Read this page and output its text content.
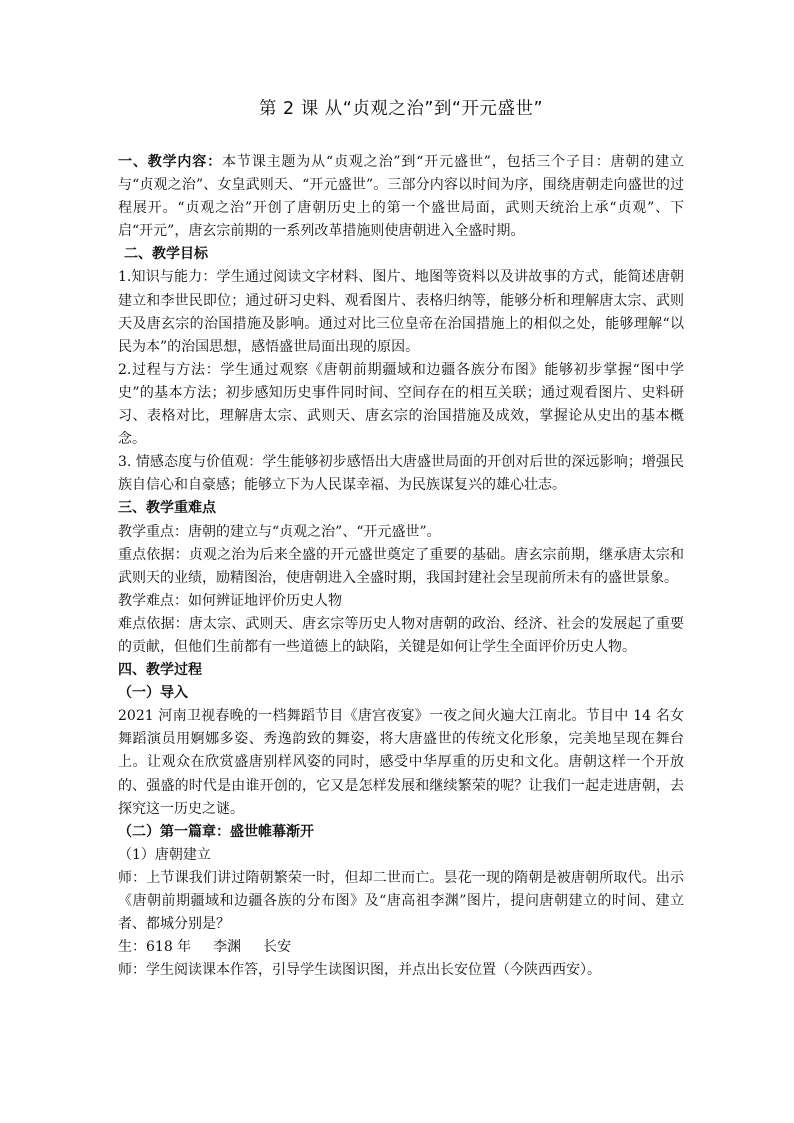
第 2 课 从“贞观之治”到“开元盛世”

一、教学内容：本节课主题为从“贞观之治”到“开元盛世”，包括三个子目：唐朝的建立与“贞观之治”、女皇武则天、“开元盛世”。三部分内容以时间为序，围绕唐朝走向盛世的过程展开。“贞观之治”开创了唐朝历史上的第一个盛世局面，武则天统治上承“贞观”、下启“开元”，唐玄宗前期的一系列改革措施则使唐朝进入全盛时期。

二、教学目标

1.知识与能力：学生通过阅读文字材料、图片、地图等资料以及讲故事的方式，能简述唐朝建立和李世民即位；通过研习史料、观看图片、表格归纳等，能够分析和理解唐太宗、武则天及唐玄宗的治国措施及影响。通过对比三位皇帝在治国措施上的相似之处，能够理解“以民为本”的治国思想，感悟盛世局面出现的原因。

2.过程与方法：学生通过观察《唐朝前期疆域和边疆各族分布图》能够初步掌握“图中学史”的基本方法；初步感知历史事件同时间、空间存在的相互关联；通过观看图片、史料研习、表格对比，理解唐太宗、武则天、唐玄宗的治国措施及成效，掌握论从史出的基本概念。

3. 情感态度与价值观：学生能够初步感悟出大唐盛世局面的开创对后世的深远影响；增强民族自信心和自豪感；能够立下为人民谋幸福、为民族谋复兴的雄心壮志。

三、教学重难点

教学重点：唐朝的建立与“贞观之治”、“开元盛世”。

重点依据：贞观之治为后来全盛的开元盛世奠定了重要的基础。唐玄宗前期，继承唐太宗和武则天的业绩，励精图治，使唐朝进入全盛时期，我国封建社会呈现前所未有的盛世景象。

教学难点：如何辨证地评价历史人物

难点依据：唐太宗、武则天、唐玄宗等历史人物对唐朝的政治、经济、社会的发展起了重要的贡献，但他们生前都有一些道德上的缺陷，关键是如何让学生全面评价历史人物。

四、教学过程

（一）导入

2021 河南卫视春晚的一档舞蹈节目《唐宫夜宴》一夜之间火遍大江南北。节目中 14 名女舞蹈演员用婀娜多姿、秀逸韵致的舞姿，将大唐盛世的传统文化形象，完美地呈现在舞台上。让观众在欣赏盛唐别样风姿的同时，感受中华厚重的历史和文化。唐朝这样一个开放的、强盛的时代是由谁开创的，它又是怎样发展和继续繁荣的呢？让我们一起走进唐朝，去探究这一历史之谜。

（二）第一篇章：盛世帷幕渐开

（1）唐朝建立

师：上节课我们讲过隋朝繁荣一时，但却二世而亡。昙花一现的隋朝是被唐朝所取代。出示《唐朝前期疆域和边疆各族的分布图》及“唐高祖李渊”图片，提问唐朝建立的时间、建立者、都城分别是？

生：618 年 李渊 长安

师：学生阅读课本作答，引导学生读图识图，并点出长安位置（今陕西西安）。
